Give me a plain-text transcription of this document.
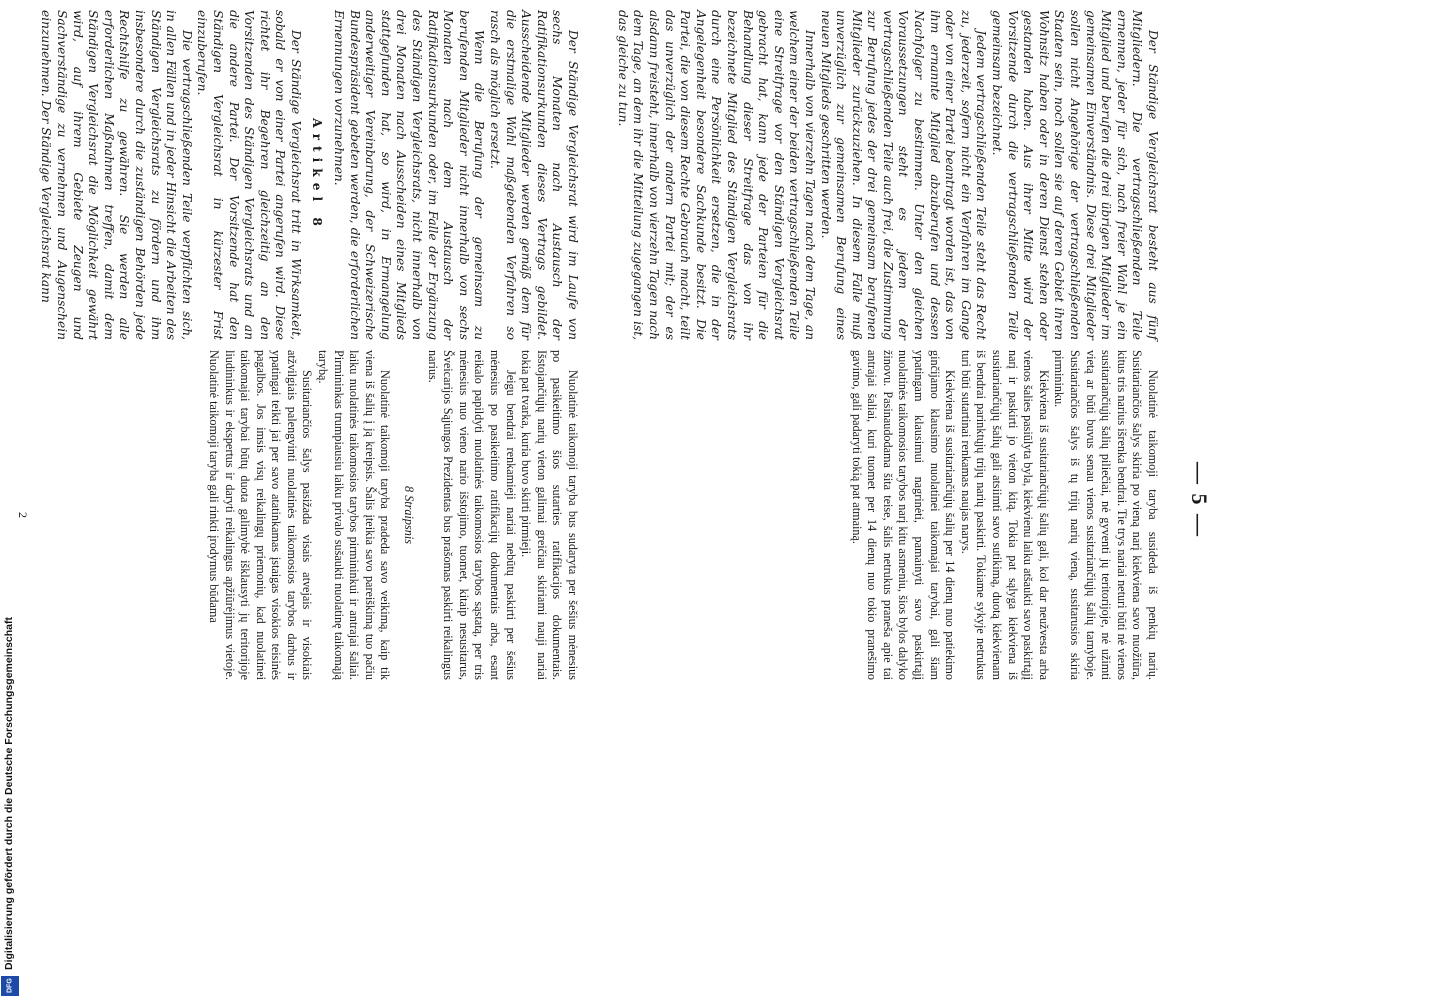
— 5 —

Der Ständige Vergleichsrat besteht aus fünf Mitgliedern. Die vertragschließenden Teile ernennen, jeder für sich, nach freier Wahl je ein Mitglied und berufen die drei übrigen Mitglieder im gemeinsamen Einverständnis. Diese drei Mitglieder sollen nicht Angehörige der vertragschließenden Staaten sein, noch sollen sie auf deren Gebiet ihren Wohnsitz haben oder in deren Dienst stehen oder gestanden haben. Aus ihrer Mitte wird der Vorsitzende durch die vertragschließenden Teile gemeinsam bezeichnet.

Jedem vertragschließenden Teile steht das Recht zu, jederzeit, sofern nicht ein Verfahren im Gange oder von einer Partei beantragt worden ist, das von ihm ernannte Mitglied abzuberufen und dessen Nachfolger zu bestimmen. Unter den gleichen Voraussetzungen steht es jedem der vertragschließenden Teile auch frei, die Zustimmung zur Berufung jedes der drei gemeinsam berufenen Mitglieder zurückzuziehen. In diesem Falle muß unverzüglich zur gemeinsamen Berufung eines neuen Mitglieds geschritten werden.

Innerhalb von vierzehn Tagen nach dem Tage, an welchem einer der beiden vertragschließenden Teile eine Streitfrage vor den Ständigen Vergleichsrat gebracht hat, kann jede der Parteien für die Behandlung dieser Streitfrage das von ihr bezeichnete Mitglied des Ständigen Vergleichsrats durch eine Persönlichkeit ersetzen, die in der Angelegenheit besondere Sachkunde besitzt. Die Partei, die von diesem Rechte Gebrauch macht, teilt das unverzüglich der andern Partei mit; der es alsdann freisteht, innerhalb von vierzehn Tagen nach dem Tage, an dem ihr die Mitteilung zugegangen ist, das gleiche zu tun.

Der Ständige Vergleichsrat wird im Laufe von sechs Monaten nach Austausch der Ratifikationsurkunden dieses Vertrags gebildet. Ausscheidende Mitglieder werden gemäß dem für die erstmalige Wahl maßgebenden Verfahren so rasch als möglich ersetzt.

Wenn die Berufung der gemeinsam zu berufenden Mitglieder nicht innerhalb von sechs Monaten nach dem Austausch der Ratifikationsurkunden oder, im Falle der Ergänzung des Ständigen Vergleichsrats, nicht innerhalb von drei Monaten nach Ausscheiden eines Mitglieds stattgefunden hat, so wird, in Ermangelung anderweitiger Vereinbarung, der Schweizerische Bundespräsident gebeten werden, die erforderlichen Ernennungen vorzunehmen.

Artikel 8

Der Ständige Vergleichsrat tritt in Wirksamkeit, sobald er von einer Partei angerufen wird. Diese richtet ihr Begehren gleichzeitig an den Vorsitzenden des Ständigen Vergleichsrats und an die andere Partei. Der Vorsitzende hat den Ständigen Vergleichsrat in kürzester Frist einzuberufen.

Die vertragschließenden Teile verpflichten sich, in allen Fällen und in jeder Hinsicht die Arbeiten des Ständigen Vergleichsrats zu fördern und ihm insbesondere durch die zuständigen Behörden jede Rechtshilfe zu gewähren. Sie werden alle erforderlichen Maßnahmen treffen, damit dem Ständigen Vergleichsrat die Möglichkeit gewährt wird, auf ihrem Gebiete Zeugen und Sachverständige zu vernehmen und Augenschein einzunehmen. Der Ständige Vergleichsrat kann

Nuolatinė taikomoji taryba susideda iš penkių narių. Susitariančios šalys skiria po vieną narį kiekviena savo nuožiūra, kitus tris narius išrenka bendrai. Tie trys nariai neturi būti nė vienos susitariančiųjų šalių piliečiai, nė gyventi jų teritorijoje, nė užimti vietą ar būti buvus senau vienos susitariančiųjų šalių tarnyboje. Susitariančios šalys iš tų trijų narių vieną, susitarusios skiria pirmininku.

Kiekviena iš susitariančiųjų šalių gali, kol dar neužvesta arba vienos šalies pasiūlyta byla, kiekvienu laiku atšaukti savo paskirtąjį narį ir paskirti jo vieton kitą. Tokia pat sąlyga kiekviena iš susitariančiųjų šalių gali atsiimti savo sutikimą, duotą kiekvienam iš bendrai parinktųjų trijų narių paskirti. Tokiame sykyje netrukus turi būti sutartinai renkamas naujas narys.

Kiekviena iš susitariančiųjų šalių per 14 dienų nuo patiekimo ginčijamo klausimo nuolatinei taikomajai tarybai, gali šiam ypatingam klausimui nagrinėti, pamainyti savo paskirtąjį nuolatinės taikomosios tarybos narį kitu asmeniu, šios bylos dalyko žinovu. Pasinaudodama šita teise, šalis netrukus praneša apie tai antrajai šaliai, kuri tuomet per 14 dienų nuo tokio pranešimo gavimo, gali padaryti tokią pat atmainą.

Nuolatinė taikomoji taryba bus sudaryta per šešius mėnesius po pasikeitimo šios sutarties ratifikacijos dokumentais. Išstojančiųjų narių vieton galimai greičiau skiriami nauji nariai tokia pat tvarka, kuria buvo skirti pirmieji.

Jeigu bendrai renkamieji nariai nebūtų paskirti per šešius mėnesius po pasikeitimo ratifikacijų dokumentais arba, esant reikalo papildyti nuolatinės taikomosios tarybos sąstatą, per tris mėnesius nuo vieno nario išstojimo, tuomet, kitaip nesusitarus, Šveicarijos Sąjungos Prezidentas bus prašomas paskirti reikalingus narius.

8 Straipsnis

Nuolatinė taikomoji taryba pradeda savo veikimą, kaip tik viena iš šalių į ją kreipsis. Šalis įteikia savo pareiškimą tuo pačiu laiku nuolatinės taikomosios tarybos pirmininkui ir antrajai šaliai. Pirmininkas trumpiausiu laiku privalo sušaukti nuolatinę taikomąją tarybą.

Susitariančios šalys pasižada visais atvejais ir visokiais atžvilgiais palengvinti nuolatinės taikomosios tarybos darbus ir ypatingai teikti jai per savo atatinkamas įstaigas visokios teisinės pagalbos. Jos imsis visų reikalingų priemonių, kad nuolatinei taikomajai tarybai būtų duota galimybė išklausyti jų teritorijoje liudininkus ir ekspertus ir daryti reikalingus apžiūrėjimus vietoje. Nuolatinė taikomoji taryba gali rinkti įrodymus būdama

2
Digitalisierung gefördert durch die Deutsche Forschungsgemeinschaft
DFG
